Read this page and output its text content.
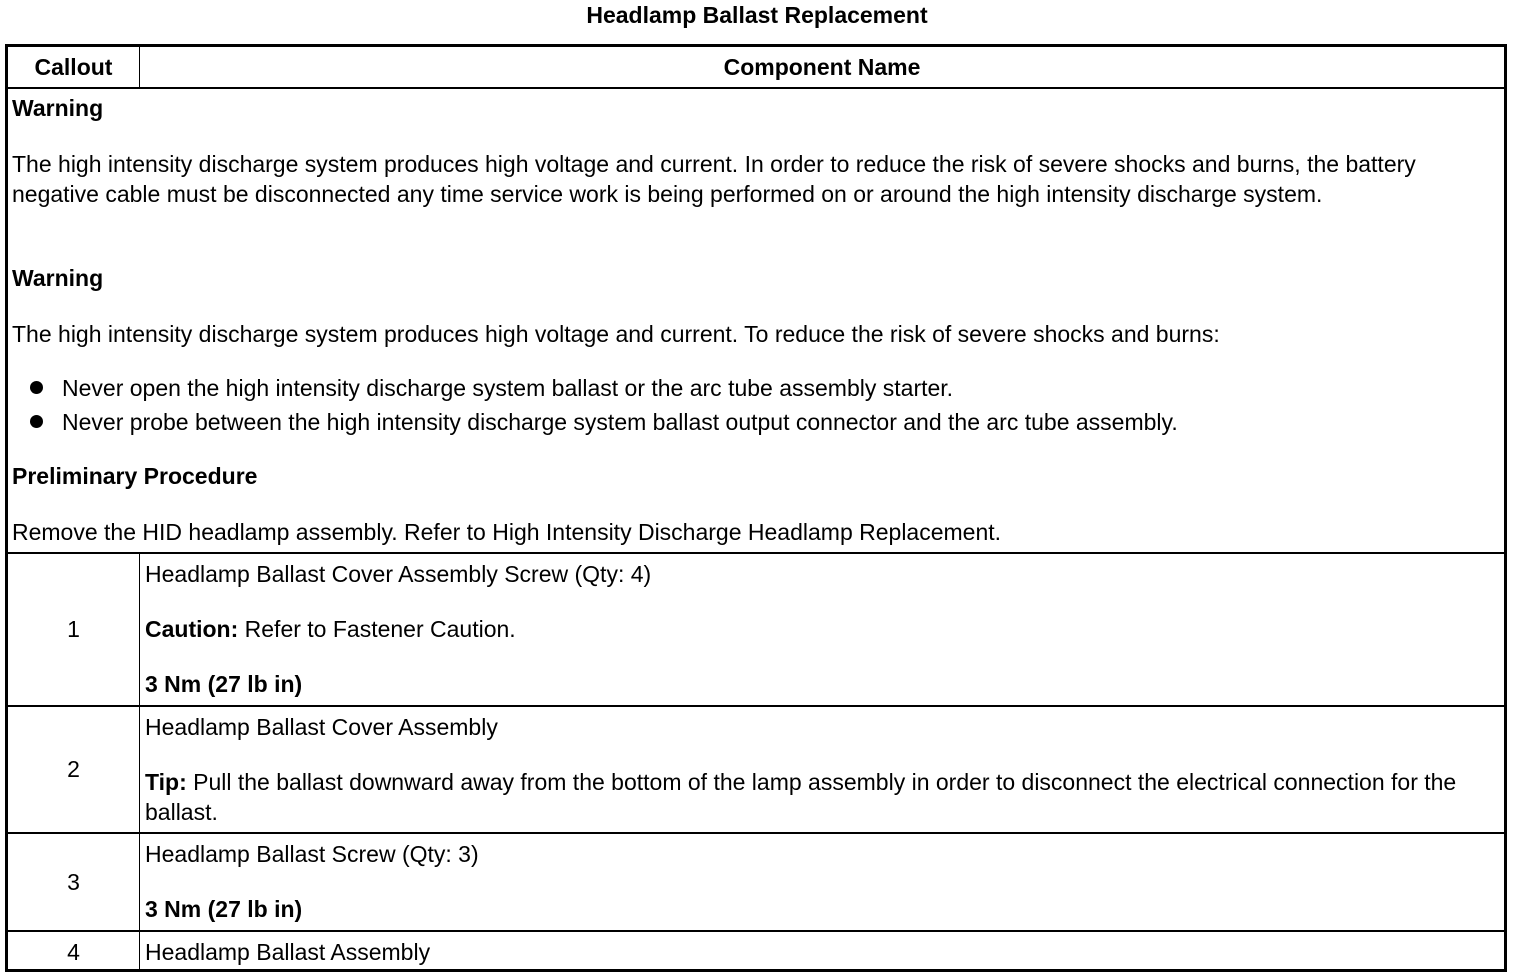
Headlamp Ballast Replacement
Callout	Component Name
Warning
The high intensity discharge system produces high voltage and current. In order to reduce the risk of severe shocks and burns, the battery negative cable must be disconnected any time service work is being performed on or around the high intensity discharge system.
Warning
The high intensity discharge system produces high voltage and current. To reduce the risk of severe shocks and burns:
Never open the high intensity discharge system ballast or the arc tube assembly starter.
Never probe between the high intensity discharge system ballast output connector and the arc tube assembly.
Preliminary Procedure
Remove the HID headlamp assembly. Refer to High Intensity Discharge Headlamp Replacement.
1
Headlamp Ballast Cover Assembly Screw (Qty: 4)
Caution: Refer to Fastener Caution.
3 Nm (27 lb in)
2
Headlamp Ballast Cover Assembly
Tip: Pull the ballast downward away from the bottom of the lamp assembly in order to disconnect the electrical connection for the ballast.
3
Headlamp Ballast Screw (Qty: 3)
3 Nm (27 lb in)
4	Headlamp Ballast Assembly
